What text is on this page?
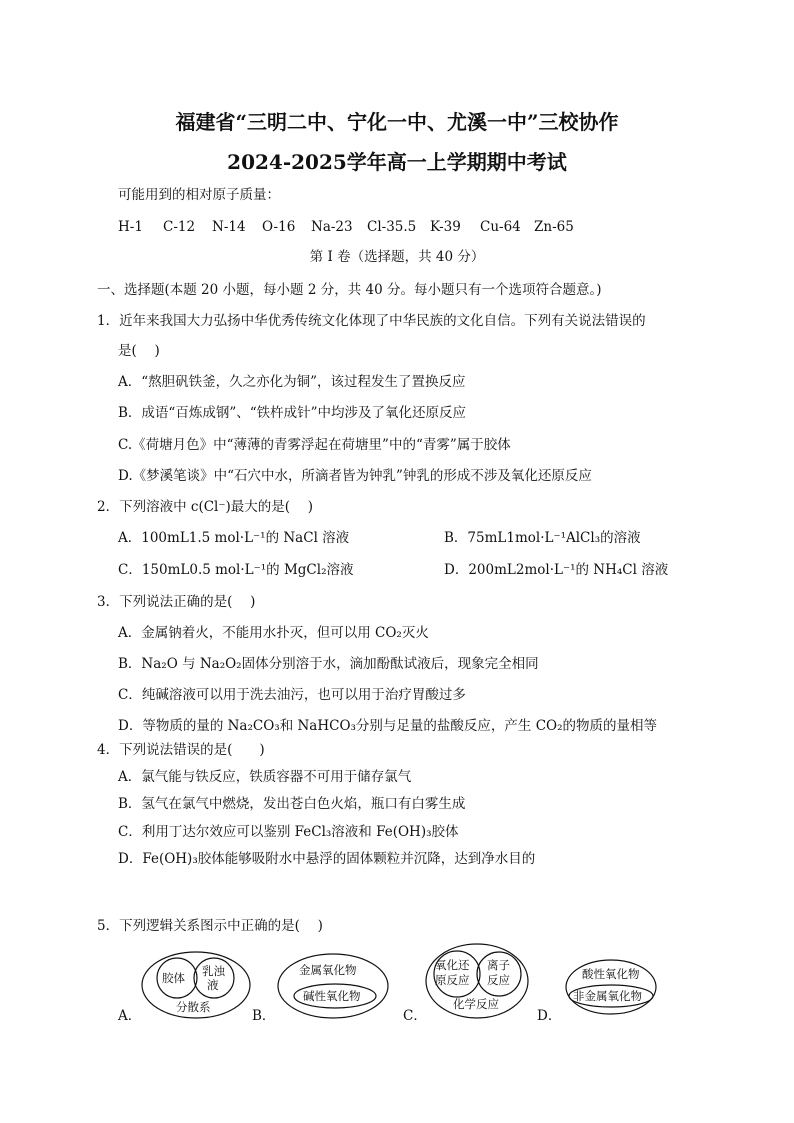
福建省“三明二中、宁化一中、尤溪一中”三校协作
2024-2025学年高一上学期期中考试
可能用到的相对原子质量：
H-1 C-12 N-14 O-16 Na-23 Cl-35.5 K-39 Cu-64 Zn-65
第 I 卷（选择题，共 40 分）
一、选择题(本题 20 小题，每小题 2 分，共 40 分。每小题只有一个选项符合题意。)
1．近年来我国大力弘扬中华优秀传统文化体现了中华民族的文化自信。下列有关说法错误的
是(　 )
A．“熬胆矾铁釜，久之亦化为铜”，该过程发生了置换反应
B．成语“百炼成钢”、“铁杵成针”中均涉及了氧化还原反应
C.《荷塘月色》中“薄薄的青雾浮起在荷塘里”中的“青雾”属于胶体
D.《梦溪笔谈》中“石穴中水，所滴者皆为钟乳”钟乳的形成不涉及氧化还原反应
2．下列溶液中 c(Cl⁻)最大的是(　 )
A．100mL1.5 mol·L⁻¹的 NaCl 溶液	B．75mL1mol·L⁻¹AlCl₃的溶液
C．150mL0.5 mol·L⁻¹的 MgCl₂溶液	D．200mL2mol·L⁻¹的 NH₄Cl 溶液
3．下列说法正确的是(　 )
A．金属钠着火，不能用水扑灭，但可以用 CO₂灭火
B．Na₂O 与 Na₂O₂固体分别溶于水，滴加酚酞试液后，现象完全相同
C．纯碱溶液可以用于洗去油污，也可以用于治疗胃酸过多
D．等物质的量的 Na₂CO₃和 NaHCO₃分别与足量的盐酸反应，产生 CO₂的物质的量相等
4．下列说法错误的是(　　)
A．氯气能与铁反应，铁质容器不可用于储存氯气
B．氢气在氯气中燃烧，发出苍白色火焰，瓶口有白雾生成
C．利用丁达尔效应可以鉴别 FeCl₃溶液和 Fe(OH)₃胶体
D．Fe(OH)₃胶体能够吸附水中悬浮的固体颗粒并沉降，达到净水目的
5．下列逻辑关系图示中正确的是(　 )
A．	B．	C．	D．
胶体 乳浊
液
分散系
金属氧化物
碱性氧化物
氧化还
原反应
离子
反应
化学反应
酸性氧化物
非金属氧化物
